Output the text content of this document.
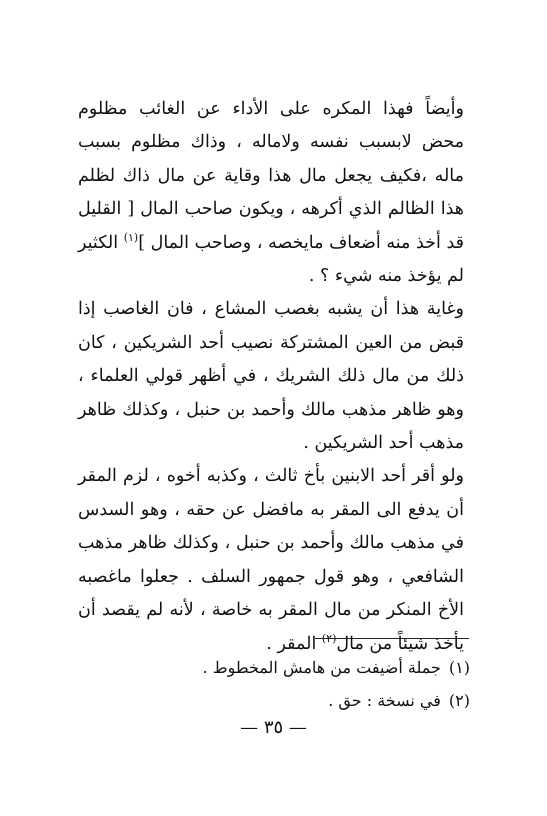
وأيضاً فهذا المكره على الأداء عن الغائب مظلوم محض لابسبب نفسه ولاماله ، وذاك مظلوم بسبب ماله ،فكيف يجعل مال هذا وقاية عن مال ذاك لظلم هذا الظالم الذي أكرهه ، ويكون صاحب المال [ القليل قد أخذ منه أضعاف مايخصه ، وصاحب المال ]$^{(١)}$ الكثير لم يؤخذ منه شيء ؟ .

وغاية هذا أن يشبه بغصب المشاع ، فان الغاصب إذا قبض من العين المشتركة نصيب أحد الشريكين ، كان ذلك من مال ذلك الشريك ، في أظهر قولي العلماء ، وهو ظاهر مذهب مالك وأحمد بن حنبل ، وكذلك ظاهر مذهب أحد الشريكين .

ولو أقر أحد الابنين بأخ ثالث ، وكذبه أخوه ، لزم المقر أن يدفع الى المقر به مافضل عن حقه ، وهو السدس في مذهب مالك وأحمد بن حنبل ، وكذلك ظاهر مذهب الشافعي ، وهو قول جمهور السلف . جعلوا ماغصبه الأخ المنكر من مال المقر به خاصة ، لأنه لم يقصد أن يأخذ شيئاً من مال$^{(٢)}$ المقر .

(١)جملة أضيفت من هامش المخطوط .

(٢)في نسخة : حق .

— ٣٥ —
